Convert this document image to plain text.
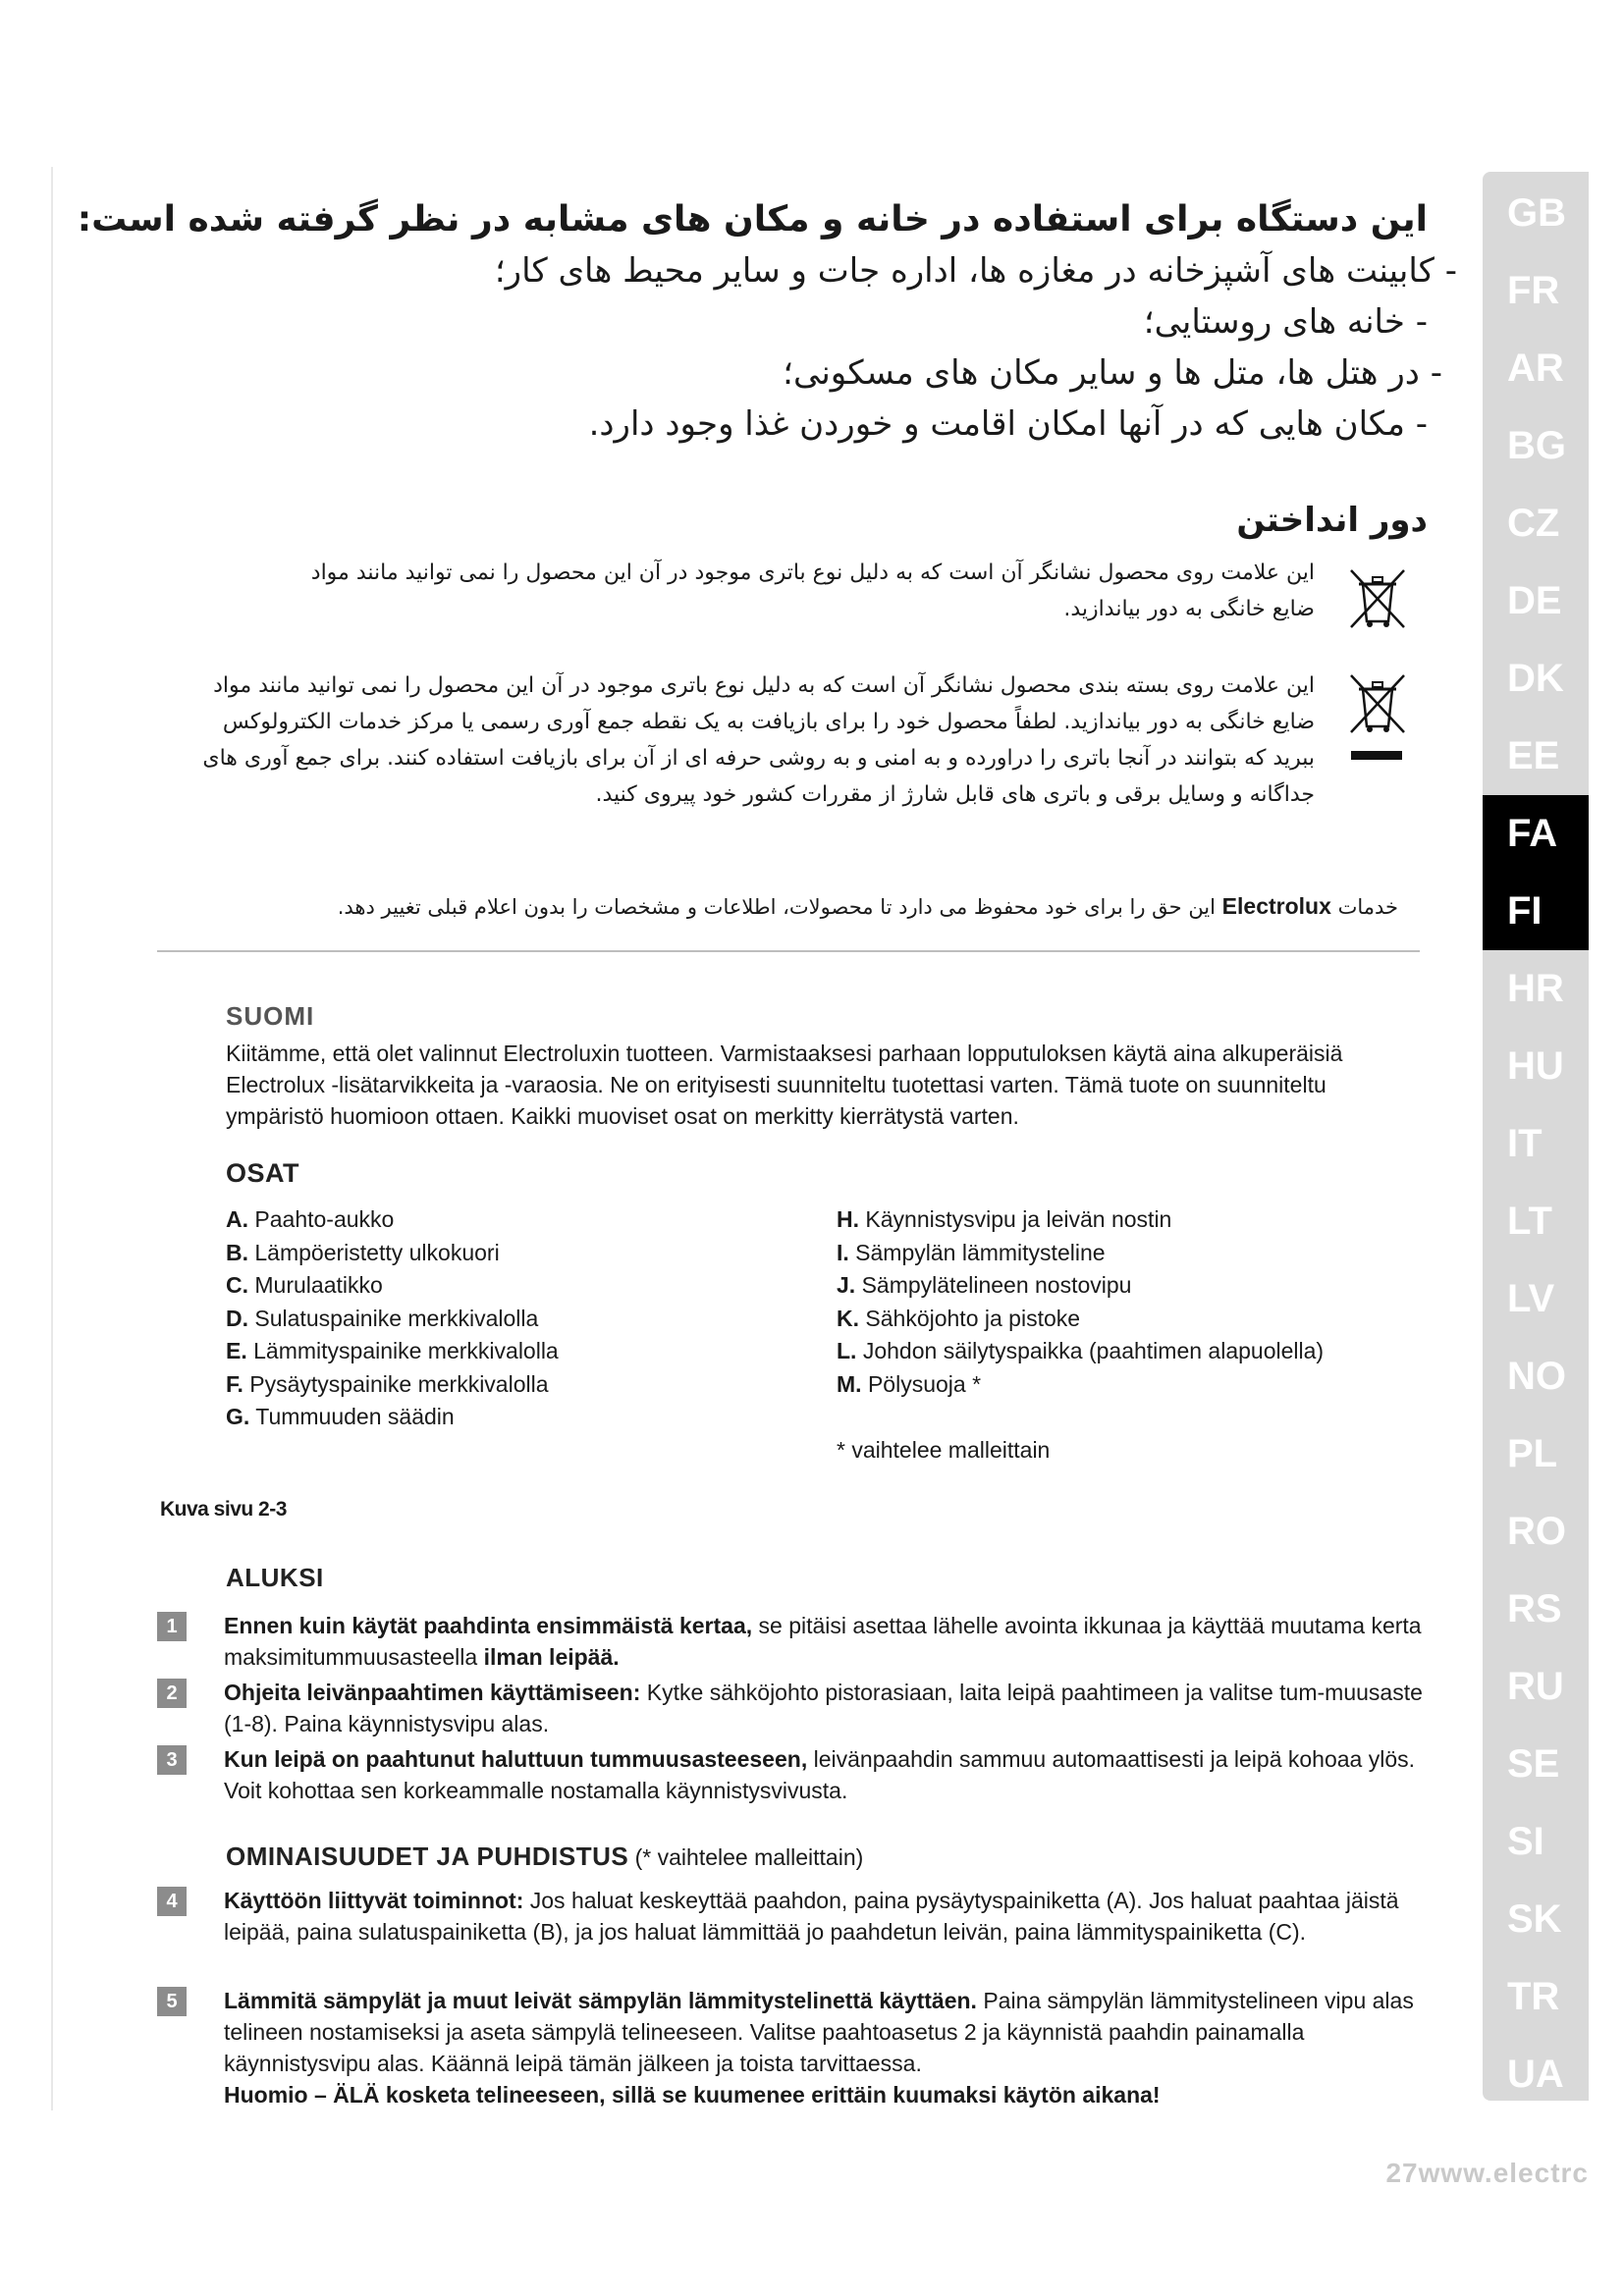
این دستگاه برای استفاده در خانه و مکان های مشابه در نظر گرفته شده است:
- کابینت های آشپزخانه در مغازه ها، اداره جات و سایر محیط های کار؛
- خانه های روستایی؛
- در هتل ها، متل ها و سایر مکان های مسکونی؛
- مکان هایی که در آنها امکان اقامت و خوردن غذا وجود دارد.
دور انداختن
این علامت روی محصول نشانگر آن است که به دلیل نوع باتری موجود در آن این محصول را نمی توانید مانند مواد ضایع خانگی به دور بیاندازید.
این علامت روی بسته بندی محصول نشانگر آن است که به دلیل نوع باتری موجود در آن این محصول را نمی توانید مانند مواد ضایع خانگی به دور بیاندازید. لطفاً محصول خود را برای بازیافت به یک نقطه جمع آوری رسمی یا مرکز خدمات الکترولوکس ببرید که بتوانند در آنجا باتری را دراورده و به امنی و به روشی حرفه ای از آن برای بازیافت استفاده کنند. برای جمع آوری های جداگانه و وسایل برقی و باتری های قابل شارژ از مقررات کشور خود پیروی کنید.
خدمات Electrolux این حق را برای خود محفوظ می دارد تا محصولات، اطلاعات و مشخصات را بدون اعلام قبلی تغییر دهد.
SUOMI
Kiitämme, että olet valinnut Electroluxin tuotteen. Varmistaaksesi parhaan lopputuloksen käytä aina alkuperäisiä Electrolux -lisätarvikkeita ja -varaosia. Ne on erityisesti suunniteltu tuotettasi varten. Tämä tuote on suunniteltu ympäristö huomioon ottaen. Kaikki muoviset osat on merkitty kierrätystä varten.
OSAT
A. Paahto-aukko
B. Lämpöeristetty ulkokuori
C. Murulaatikko
D. Sulatuspainike merkkivalolla
E. Lämmityspainike merkkivalolla
F. Pysäytyspainike merkkivalolla
G. Tummuuden säädin
H. Käynnistysvipu ja leivän nostin
I. Sämpylän lämmitysteline
J. Sämpylätelineen nostovipu
K. Sähköjohto ja pistoke
L. Johdon säilytyspaikka (paahtimen alapuolella)
M. Pölysuoja *
* vaihtelee malleittain
Kuva sivu 2-3
ALUKSI
1	Ennen kuin käytät paahdinta ensimmäistä kertaa, se pitäisi asettaa lähelle avointa ikkunaa ja käyttää muutama kerta maksimitummuusasteella ilman leipää.
2	Ohjeita leivänpaahtimen käyttämiseen: Kytke sähköjohto pistorasiaan, laita leipä paahtimeen ja valitse tum-muusaste (1-8). Paina käynnistysvipu alas.
3	Kun leipä on paahtunut haluttuun tummuusasteeseen, leivänpaahdin sammuu automaattisesti ja leipä kohoaa ylös. Voit kohottaa sen korkeammalle nostamalla käynnistysvivusta.
OMINAISUUDET JA PUHDISTUS (* vaihtelee malleittain)
4	Käyttöön liittyvät toiminnot: Jos haluat keskeyttää paahdon, paina pysäytyspainiketta (A). Jos haluat paahtaa jäistä leipää, paina sulatuspainiketta (B), ja jos haluat lämmittää jo paahdetun leivän, paina lämmityspainiketta (C).
5	Lämmitä sämpylät ja muut leivät sämpylän lämmitystelinettä käyttäen. Paina sämpylän lämmitystelineen vipu alas telineen nostamiseksi ja aseta sämpylä telineeseen. Valitse paahtoasetus 2 ja käynnistä paahdin painamalla käynnistysvipu alas. Käännä leipä tämän jälkeen ja toista tarvittaessa.
Huomio – ÄLÄ kosketa telineeseen, sillä se kuumenee erittäin kuumaksi käytön aikana!
GB
FR
AR
BG
CZ
DE
DK
EE
FA
FI
HR
HU
IT
LT
LV
NO
PL
RO
RS
RU
SE
SI
SK
TR
UA
27www.electrc
